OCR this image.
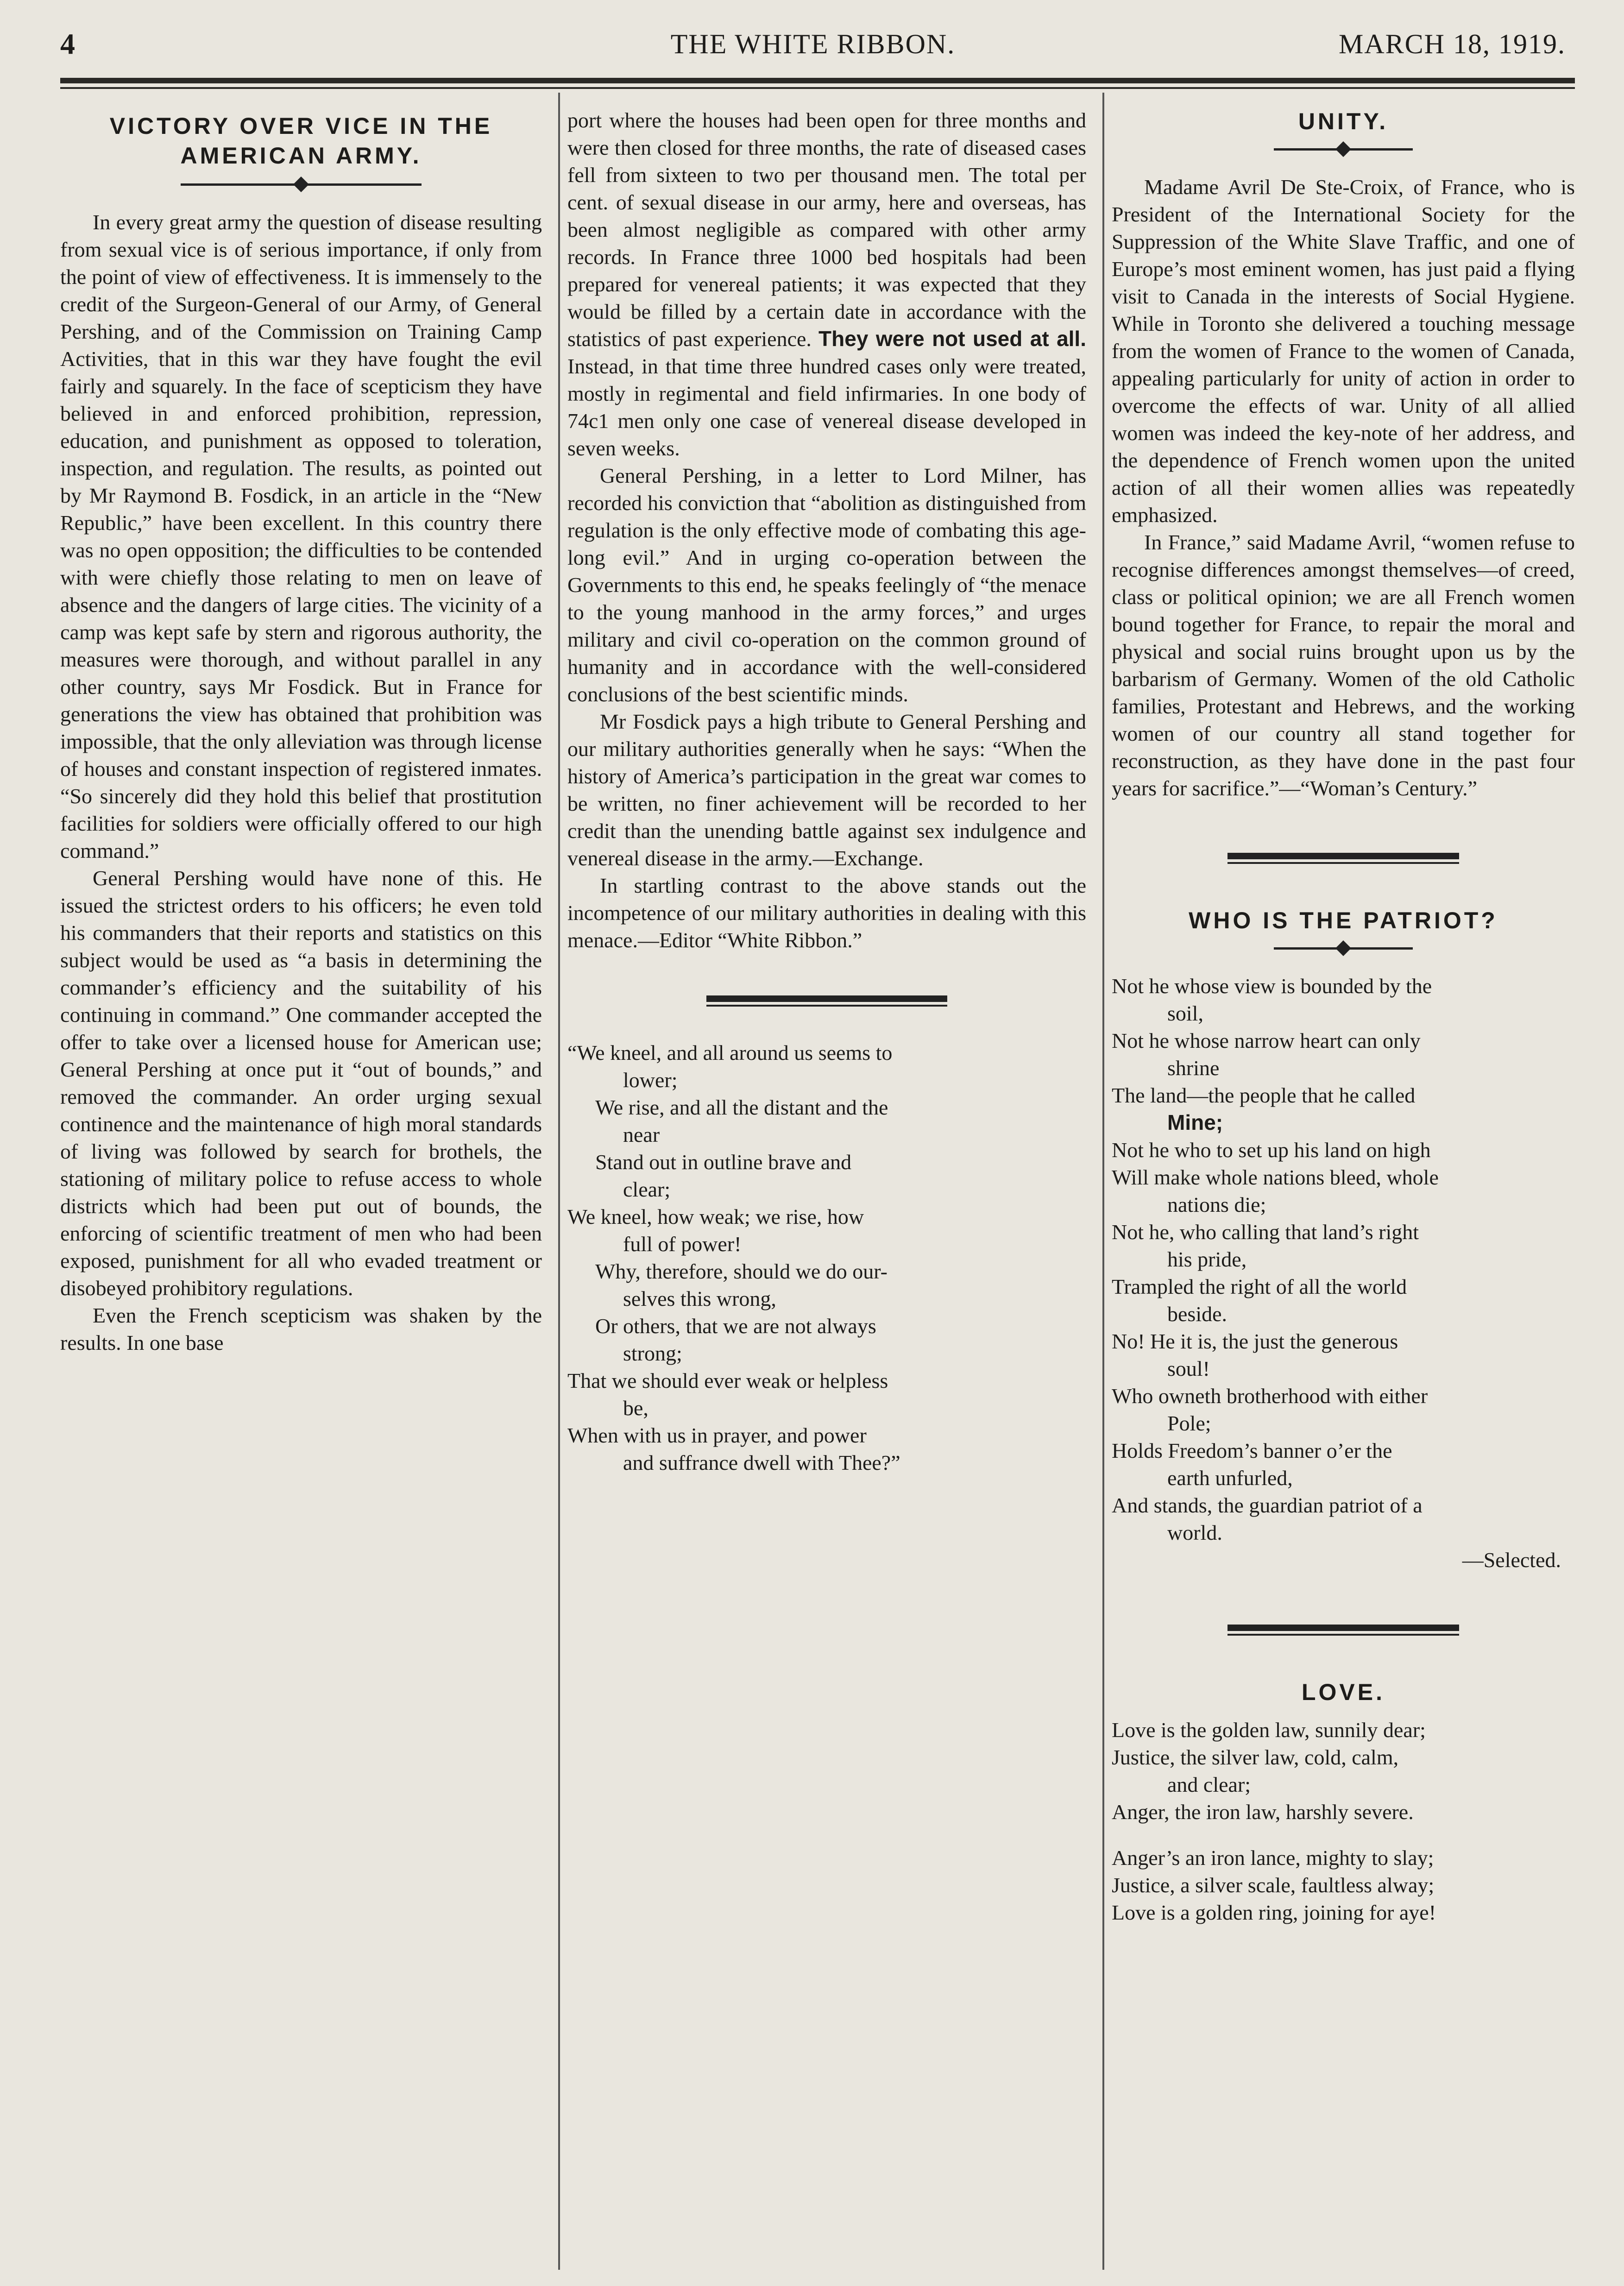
4	THE WHITE RIBBON.	MARCH 18, 1919.
VICTORY OVER VICE IN THE
AMERICAN ARMY.

In every great army the question of disease resulting from sexual vice is of serious importance, if only from the point of view of effectiveness. It is immensely to the credit of the Surgeon-General of our Army, of General Pershing, and of the Commission on Training Camp Activities, that in this war they have fought the evil fairly and squarely. In the face of scepticism they have believed in and enforced prohibition, repression, education, and punishment as opposed to toleration, inspection, and regulation. The results, as pointed out by Mr Raymond B. Fosdick, in an article in the “New Republic,” have been excellent. In this country there was no open opposition; the difficulties to be contended with were chiefly those relating to men on leave of absence and the dangers of large cities. The vicinity of a camp was kept safe by stern and rigorous authority, the measures were thorough, and without parallel in any other country, says Mr Fosdick. But in France for generations the view has obtained that prohibition was impossible, that the only alleviation was through license of houses and constant inspection of registered inmates. “So sincerely did they hold this belief that prostitution facilities for soldiers were officially offered to our high command.”

General Pershing would have none of this. He issued the strictest orders to his officers; he even told his commanders that their reports and statistics on this subject would be used as “a basis in determining the commander’s efficiency and the suitability of his continuing in command.” One commander accepted the offer to take over a licensed house for American use; General Pershing at once put it “out of bounds,” and removed the commander. An order urging sexual continence and the maintenance of high moral standards of living was followed by search for brothels, the stationing of military police to refuse access to whole districts which had been put out of bounds, the enforcing of scientific treatment of men who had been exposed, punishment for all who evaded treatment or disobeyed prohibitory regulations.

Even the French scepticism was shaken by the results. In one base

port where the houses had been open for three months and were then closed for three months, the rate of diseased cases fell from sixteen to two per thousand men. The total per cent. of sexual disease in our army, here and overseas, has been almost negligible as compared with other army records. In France three 1000 bed hospitals had been prepared for venereal patients; it was expected that they would be filled by a certain date in accordance with the statistics of past experience. They were not used at all. Instead, in that time three hundred cases only were treated, mostly in regimental and field infirmaries. In one body of 74c1 men only one case of venereal disease developed in seven weeks.

General Pershing, in a letter to Lord Milner, has recorded his conviction that “abolition as distinguished from regulation is the only effective mode of combating this age-long evil.” And in urging co-operation between the Governments to this end, he speaks feelingly of “the menace to the young manhood in the army forces,” and urges military and civil co-operation on the common ground of humanity and in accordance with the well-considered conclusions of the best scientific minds.

Mr Fosdick pays a high tribute to General Pershing and our military authorities generally when he says: “When the history of America’s participation in the great war comes to be written, no finer achievement will be recorded to her credit than the unending battle against sex indulgence and venereal disease in the army.—Exchange.

In startling contrast to the above stands out the incompetence of our military authorities in dealing with this menace.—Editor “White Ribbon.”

“We kneel, and all around us seems to
lower;
We rise, and all the distant and the
near
Stand out in outline brave and
clear;
We kneel, how weak; we rise, how
full of power!
Why, therefore, should we do our-
selves this wrong,
Or others, that we are not always
strong;
That we should ever weak or helpless
be,
When with us in prayer, and power
and suffrance dwell with Thee?”
UNITY.

Madame Avril De Ste-Croix, of France, who is President of the International Society for the Suppression of the White Slave Traffic, and one of Europe’s most eminent women, has just paid a flying visit to Canada in the interests of Social Hygiene. While in Toronto she delivered a touching message from the women of France to the women of Canada, appealing particularly for unity of action in order to overcome the effects of war. Unity of all allied women was indeed the key-note of her address, and the dependence of French women upon the united action of all their women allies was repeatedly emphasized.

In France,” said Madame Avril, “women refuse to recognise differences amongst themselves—of creed, class or political opinion; we are all French women bound together for France, to repair the moral and physical and social ruins brought upon us by the barbarism of Germany. Women of the old Catholic families, Protestant and Hebrews, and the working women of our country all stand together for reconstruction, as they have done in the past four years for sacrifice.”—“Woman’s Century.”

WHO IS THE PATRIOT?
Not he whose view is bounded by the
soil,
Not he whose narrow heart can only
shrine
The land—the people that he called
Mine;
Not he who to set up his land on high
Will make whole nations bleed, whole
nations die;
Not he, who calling that land’s right
his pride,
Trampled the right of all the world
beside.
No! He it is, the just the generous
soul!
Who owneth brotherhood with either
Pole;
Holds Freedom’s banner o’er the
earth unfurled,
And stands, the guardian patriot of a
world.
—Selected.
LOVE.
Love is the golden law, sunnily dear;
Justice, the silver law, cold, calm,
and clear;
Anger, the iron law, harshly severe.
Anger’s an iron lance, mighty to slay;
Justice, a silver scale, faultless alway;
Love is a golden ring, joining for aye!
